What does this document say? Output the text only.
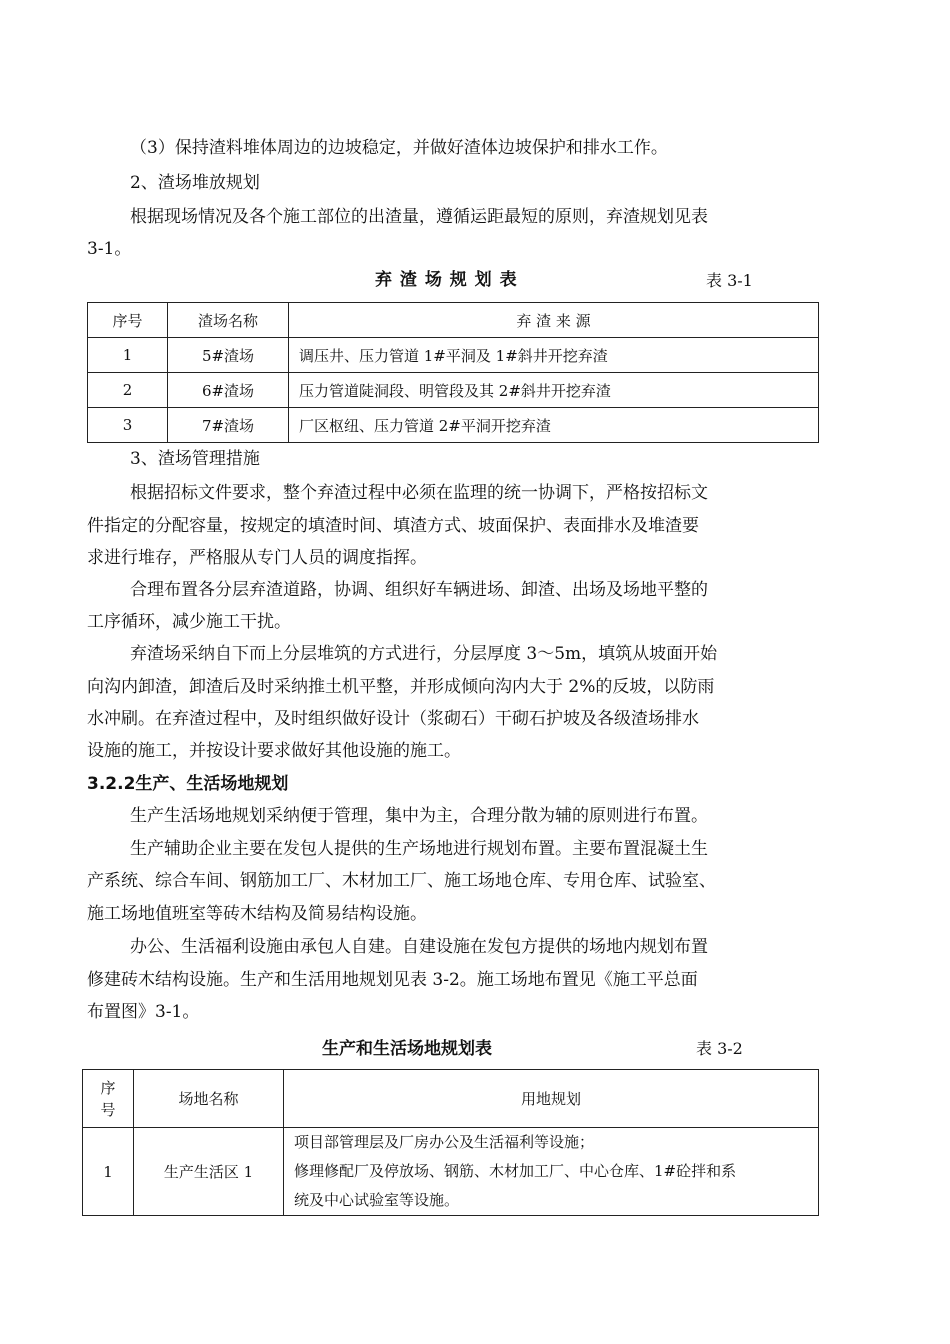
（3）保持渣料堆体周边的边坡稳定，并做好渣体边坡保护和排水工作。
2、渣场堆放规划
根据现场情况及各个施工部位的出渣量，遵循运距最短的原则，弃渣规划见表
3-1。
弃 渣 场 规 划 表	表 3-1
序号	渣场名称	弃 渣 来 源
1	5#渣场	调压井、压力管道 1#平洞及 1#斜井开挖弃渣
2	6#渣场	压力管道陡洞段、明管段及其 2#斜井开挖弃渣
3	7#渣场	厂区枢纽、压力管道 2#平洞开挖弃渣
3、渣场管理措施
根据招标文件要求，整个弃渣过程中必须在监理的统一协调下，严格按招标文
件指定的分配容量，按规定的填渣时间、填渣方式、坡面保护、表面排水及堆渣要
求进行堆存，严格服从专门人员的调度指挥。
合理布置各分层弃渣道路，协调、组织好车辆进场、卸渣、出场及场地平整的
工序循环，减少施工干扰。
弃渣场采纳自下而上分层堆筑的方式进行，分层厚度 3～5m，填筑从坡面开始
向沟内卸渣，卸渣后及时采纳推土机平整，并形成倾向沟内大于 2%的反坡，以防雨
水冲刷。在弃渣过程中，及时组织做好设计（浆砌石）干砌石护坡及各级渣场排水
设施的施工，并按设计要求做好其他设施的施工。
3.2.2生产、生活场地规划
生产生活场地规划采纳便于管理，集中为主，合理分散为辅的原则进行布置。
生产辅助企业主要在发包人提供的生产场地进行规划布置。主要布置混凝土生
产系统、综合车间、钢筋加工厂、木材加工厂、施工场地仓库、专用仓库、试验室、
施工场地值班室等砖木结构及简易结构设施。
办公、生活福利设施由承包人自建。自建设施在发包方提供的场地内规划布置
修建砖木结构设施。生产和生活用地规划见表 3-2。施工场地布置见《施工平总面
布置图》3-1。
生产和生活场地规划表	表 3-2
序
号	场地名称	用地规划
1	生产生活区 1	项目部管理层及厂房办公及生活福利等设施；
修理修配厂及停放场、钢筋、木材加工厂、中心仓库、1#砼拌和系
统及中心试验室等设施。
